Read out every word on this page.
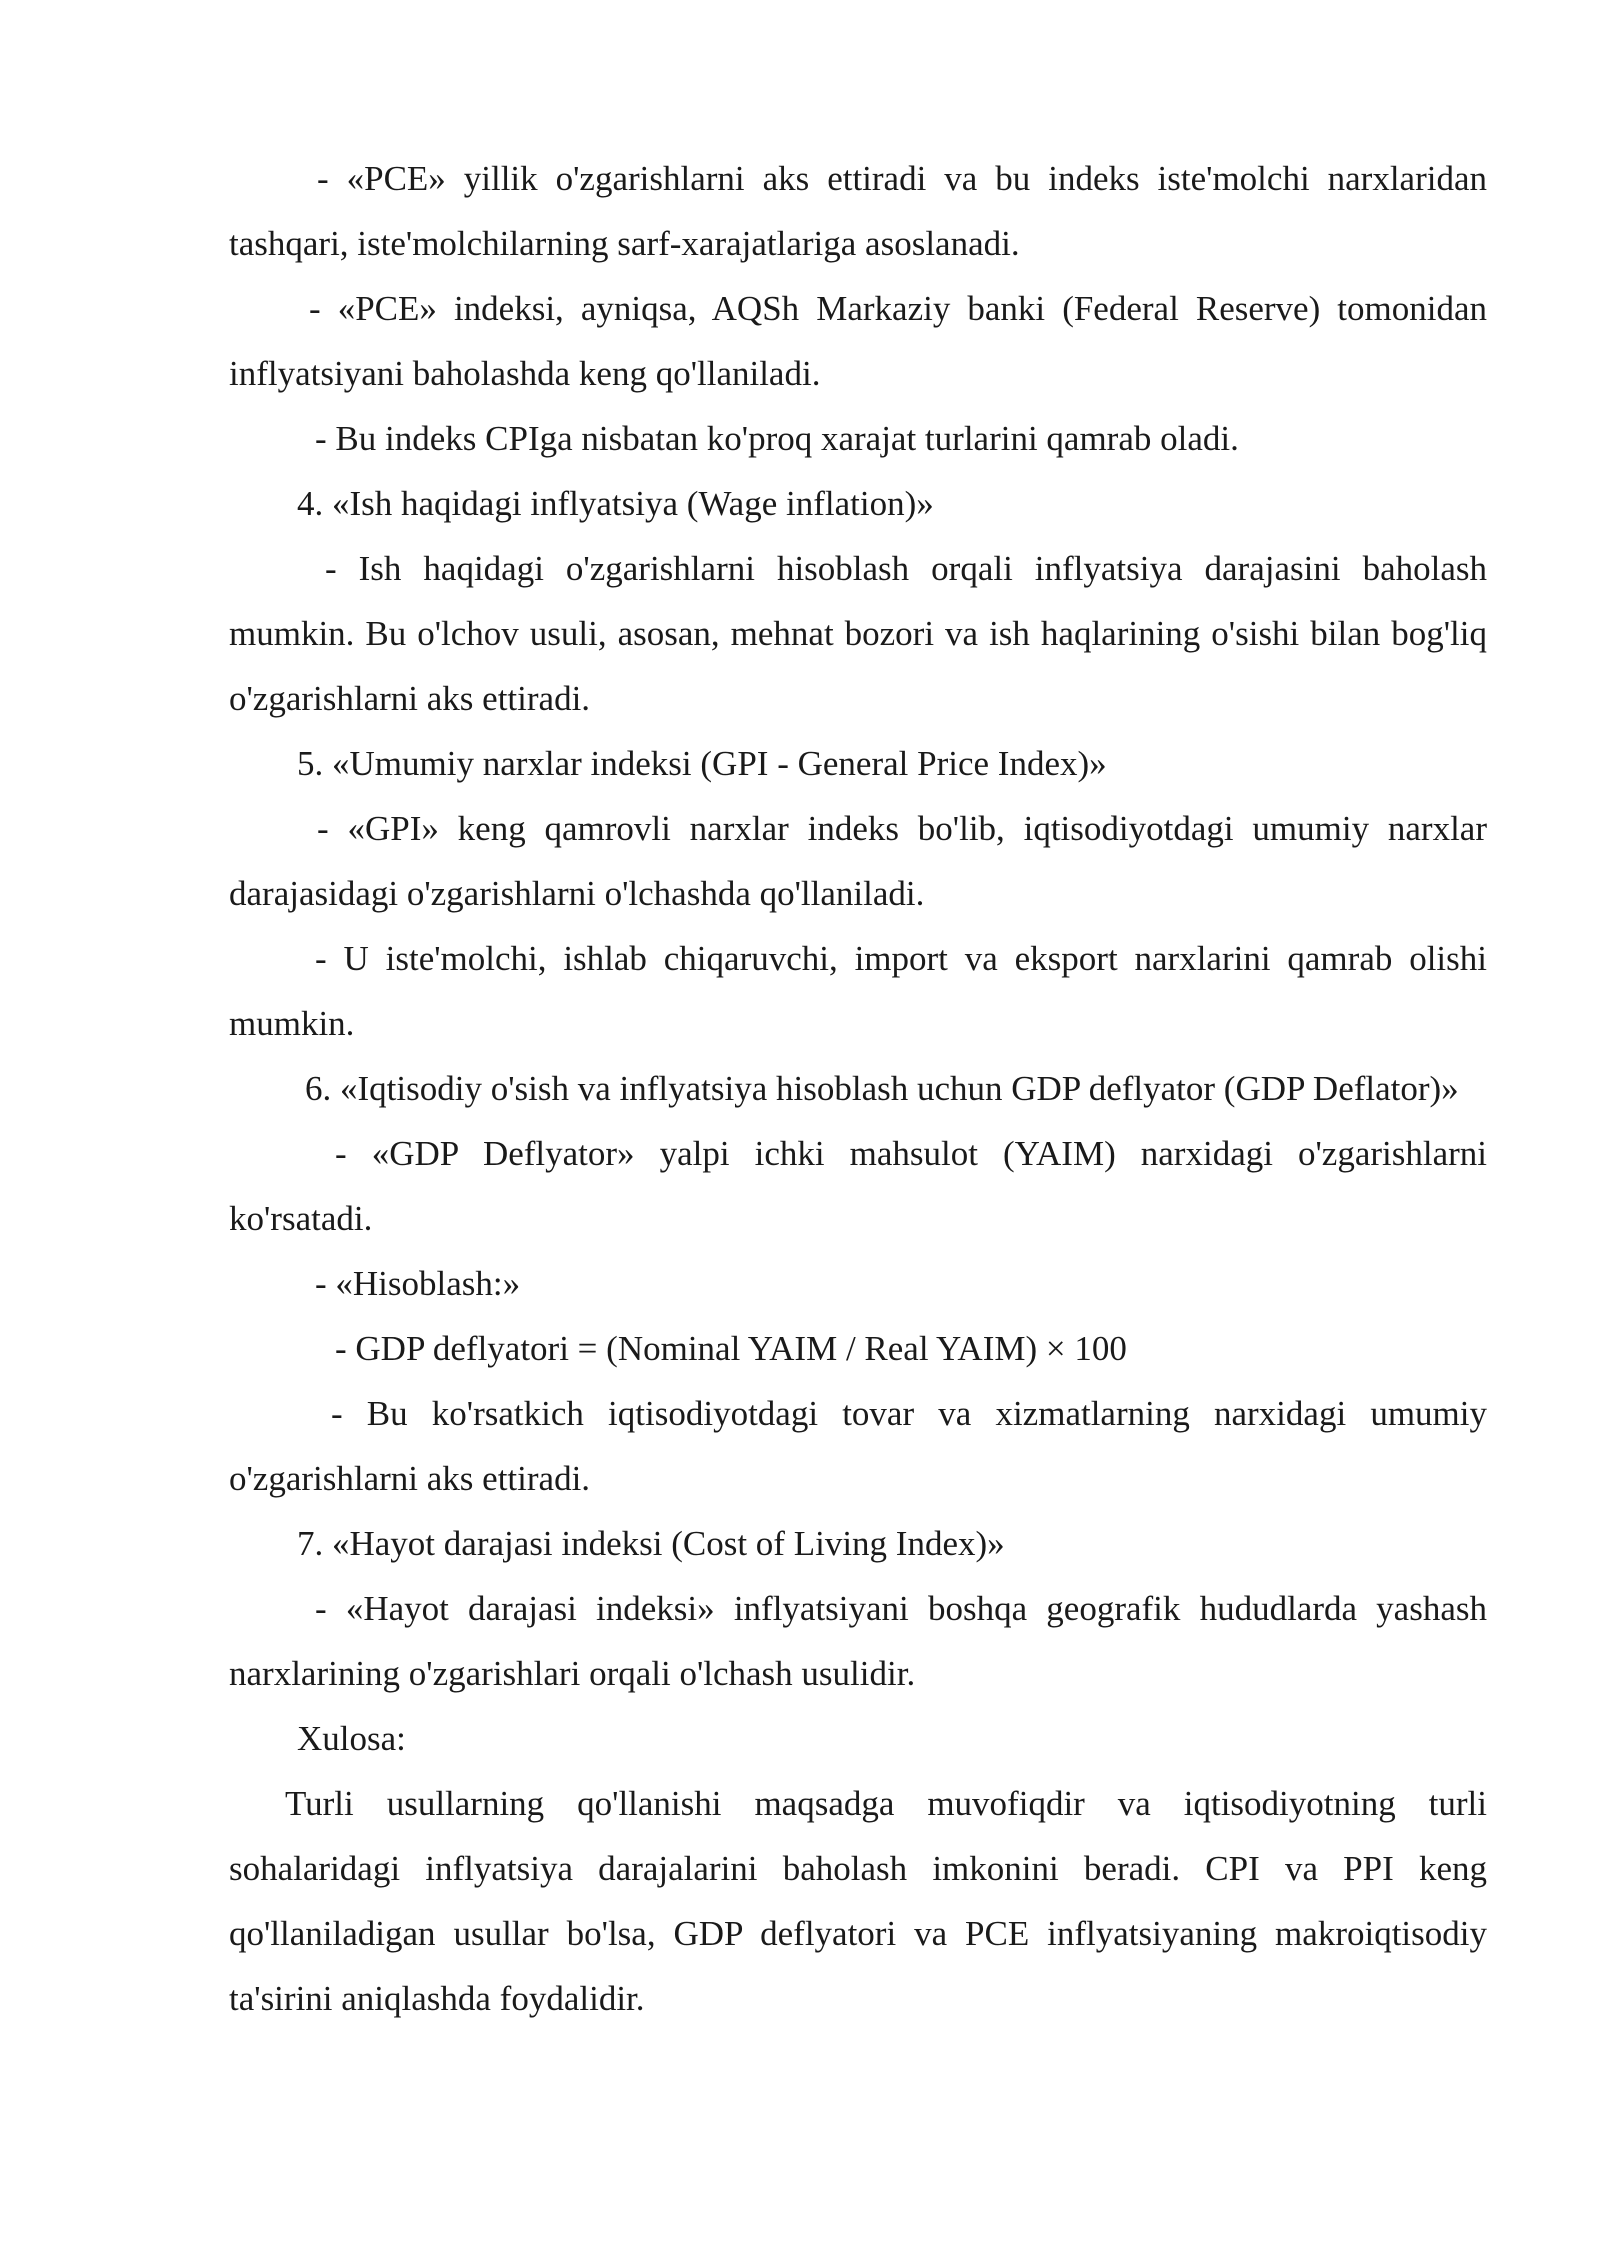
- «PCE» yillik o'zgarishlarni aks ettiradi va bu indeks iste'molchi narxlaridan tashqari, iste'molchilarning sarf-xarajatlariga asoslanadi.

- «PCE» indeksi, ayniqsa, AQSh Markaziy banki (Federal Reserve) tomonidan inflyatsiyani baholashda keng qo'llaniladi.

- Bu indeks CPIga nisbatan ko'proq xarajat turlarini qamrab oladi.

4. «Ish haqidagi inflyatsiya (Wage inflation)»

- Ish haqidagi o'zgarishlarni hisoblash orqali inflyatsiya darajasini baholash mumkin. Bu o'lchov usuli, asosan, mehnat bozori va ish haqlarining o'sishi bilan bog'liq o'zgarishlarni aks ettiradi.

5. «Umumiy narxlar indeksi (GPI - General Price Index)»

- «GPI» keng qamrovli narxlar indeks bo'lib, iqtisodiyotdagi umumiy narxlar darajasidagi o'zgarishlarni o'lchashda qo'llaniladi.

- U iste'molchi, ishlab chiqaruvchi, import va eksport narxlarini qamrab olishi mumkin.

6. «Iqtisodiy o'sish va inflyatsiya hisoblash uchun GDP deflyator (GDP Deflator)»

- «GDP Deflyator» yalpi ichki mahsulot (YAIM) narxidagi o'zgarishlarni ko'rsatadi.

- «Hisoblash:»

- GDP deflyatori = (Nominal YAIM / Real YAIM) × 100

- Bu ko'rsatkich iqtisodiyotdagi tovar va xizmatlarning narxidagi umumiy o'zgarishlarni aks ettiradi.

7. «Hayot darajasi indeksi (Cost of Living Index)»

- «Hayot darajasi indeksi» inflyatsiyani boshqa geografik hududlarda yashash narxlarining o'zgarishlari orqali o'lchash usulidir.

Xulosa:

Turli usullarning qo'llanishi maqsadga muvofiqdir va iqtisodiyotning turli sohalaridagi inflyatsiya darajalarini baholash imkonini beradi. CPI va PPI keng qo'llaniladigan usullar bo'lsa, GDP deflyatori va PCE inflyatsiyaning makroiqtisodiy ta'sirini aniqlashda foydalidir.
